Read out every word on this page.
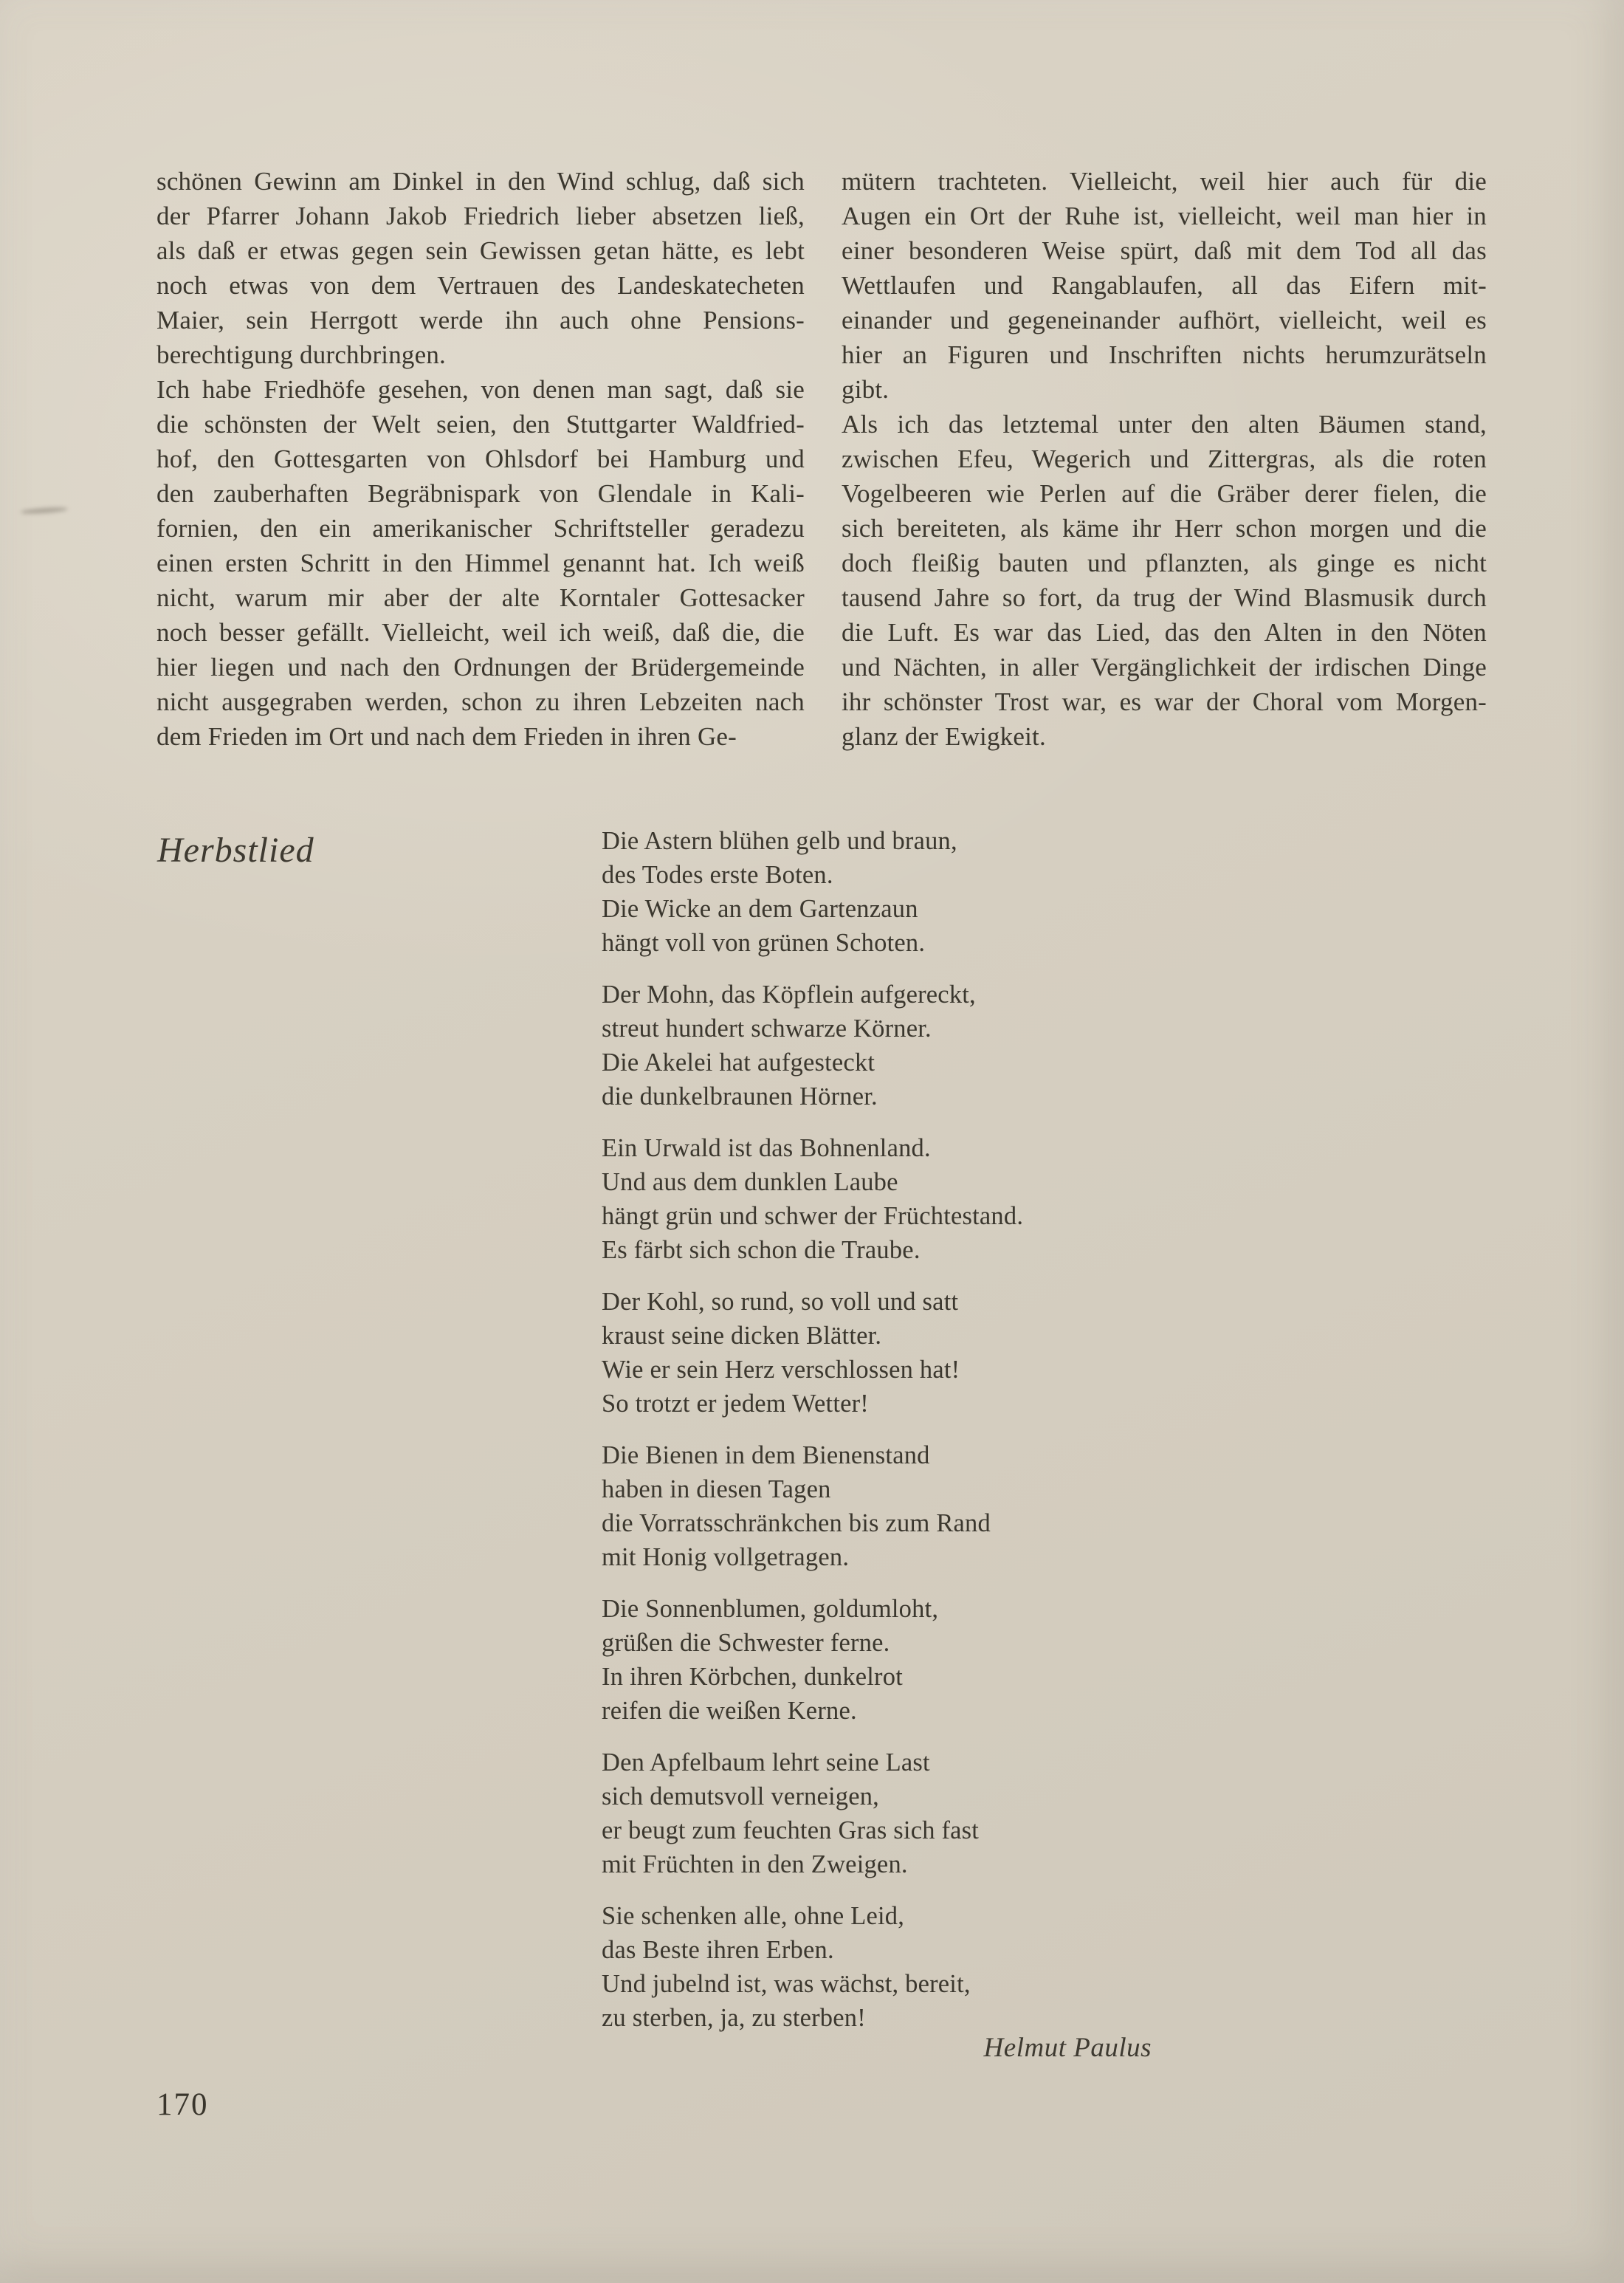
schönen Gewinn am Dinkel in den Wind schlug, daß sich
der Pfarrer Johann Jakob Friedrich lieber absetzen ließ,
als daß er etwas gegen sein Gewissen getan hätte, es lebt
noch etwas von dem Vertrauen des Landeskatecheten
Maier, sein Herrgott werde ihn auch ohne Pensions-
berechtigung durchbringen.
Ich habe Friedhöfe gesehen, von denen man sagt, daß sie
die schönsten der Welt seien, den Stuttgarter Waldfried-
hof, den Gottesgarten von Ohlsdorf bei Hamburg und
den zauberhaften Begräbnispark von Glendale in Kali-
fornien, den ein amerikanischer Schriftsteller geradezu
einen ersten Schritt in den Himmel genannt hat. Ich weiß
nicht, warum mir aber der alte Korntaler Gottesacker
noch besser gefällt. Vielleicht, weil ich weiß, daß die, die
hier liegen und nach den Ordnungen der Brüdergemeinde
nicht ausgegraben werden, schon zu ihren Lebzeiten nach
dem Frieden im Ort und nach dem Frieden in ihren Ge-
mütern trachteten. Vielleicht, weil hier auch für die
Augen ein Ort der Ruhe ist, vielleicht, weil man hier in
einer besonderen Weise spürt, daß mit dem Tod all das
Wettlaufen und Rangablaufen, all das Eifern mit-
einander und gegeneinander aufhört, vielleicht, weil es
hier an Figuren und Inschriften nichts herumzurätseln
gibt.
Als ich das letztemal unter den alten Bäumen stand,
zwischen Efeu, Wegerich und Zittergras, als die roten
Vogelbeeren wie Perlen auf die Gräber derer fielen, die
sich bereiteten, als käme ihr Herr schon morgen und die
doch fleißig bauten und pflanzten, als ginge es nicht
tausend Jahre so fort, da trug der Wind Blasmusik durch
die Luft. Es war das Lied, das den Alten in den Nöten
und Nächten, in aller Vergänglichkeit der irdischen Dinge
ihr schönster Trost war, es war der Choral vom Morgen-
glanz der Ewigkeit.
Herbstlied	Die Astern blühen gelb und braun,
des Todes erste Boten.
Die Wicke an dem Gartenzaun
hängt voll von grünen Schoten.
Der Mohn, das Köpflein aufgereckt,
streut hundert schwarze Körner.
Die Akelei hat aufgesteckt
die dunkelbraunen Hörner.
Ein Urwald ist das Bohnenland.
Und aus dem dunklen Laube
hängt grün und schwer der Früchtestand.
Es färbt sich schon die Traube.
Der Kohl, so rund, so voll und satt
kraust seine dicken Blätter.
Wie er sein Herz verschlossen hat!
So trotzt er jedem Wetter!
Die Bienen in dem Bienenstand
haben in diesen Tagen
die Vorratsschränkchen bis zum Rand
mit Honig vollgetragen.
Die Sonnenblumen, goldumloht,
grüßen die Schwester ferne.
In ihren Körbchen, dunkelrot
reifen die weißen Kerne.
Den Apfelbaum lehrt seine Last
sich demutsvoll verneigen,
er beugt zum feuchten Gras sich fast
mit Früchten in den Zweigen.
Sie schenken alle, ohne Leid,
das Beste ihren Erben.
Und jubelnd ist, was wächst, bereit,
zu sterben, ja, zu sterben!
Helmut Paulus
170
